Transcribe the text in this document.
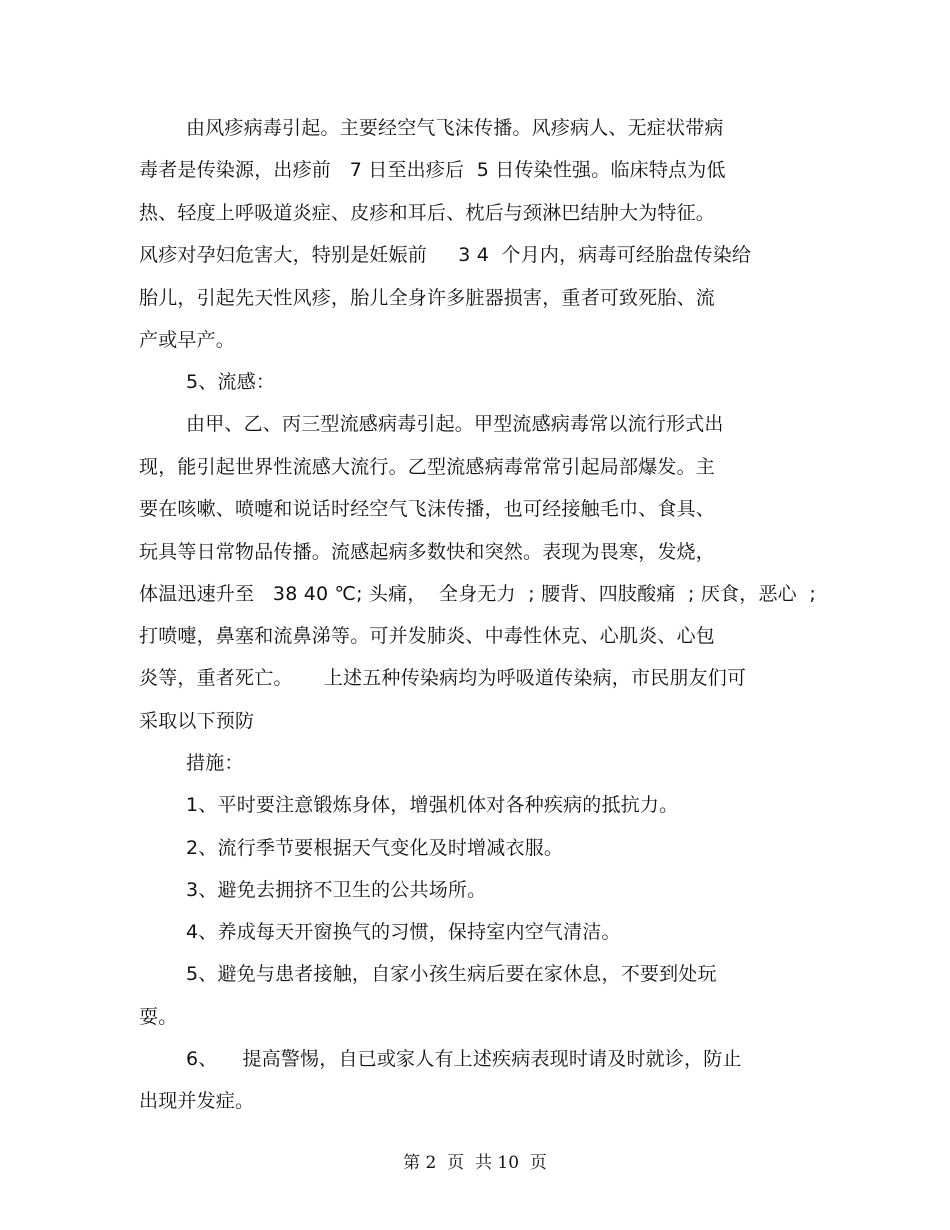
由风疹病毒引起。主要经空气飞沫传播。风疹病人、无症状带病
毒者是传染源，出疹前   7 日至出疹后  5 日传染性强。临床特点为低
热、轻度上呼吸道炎症、皮疹和耳后、枕后与颈淋巴结肿大为特征。
风疹对孕妇危害大，特别是妊娠前     3 4  个月内，病毒可经胎盘传染给
胎儿，引起先天性风疹，胎儿全身许多脏器损害，重者可致死胎、流
产或早产。
5、流感：
由甲、乙、丙三型流感病毒引起。甲型流感病毒常以流行形式出
现，能引起世界性流感大流行。乙型流感病毒常常引起局部爆发。主
要在咳嗽、喷嚏和说话时经空气飞沫传播，也可经接触毛巾、食具、
玩具等日常物品传播。流感起病多数快和突然。表现为畏寒，发烧，
体温迅速升至   38 40 ℃; 头痛，  全身无力  ; 腰背、四肢酸痛  ; 厌食，恶心  ;
打喷嚏，鼻塞和流鼻涕等。可并发肺炎、中毒性休克、心肌炎、心包
炎等，重者死亡。     上述五种传染病均为呼吸道传染病，市民朋友们可
采取以下预防
措施：
1、平时要注意锻炼身体，增强机体对各种疾病的抵抗力。
2、流行季节要根据天气变化及时增减衣服。
3、避免去拥挤不卫生的公共场所。
4、养成每天开窗换气的习惯，保持室内空气清洁。
5、避免与患者接触，自家小孩生病后要在家休息，不要到处玩
耍。
6、    提高警惕，自已或家人有上述疾病表现时请及时就诊，防止
出现并发症。
第 2  页  共 10  页
